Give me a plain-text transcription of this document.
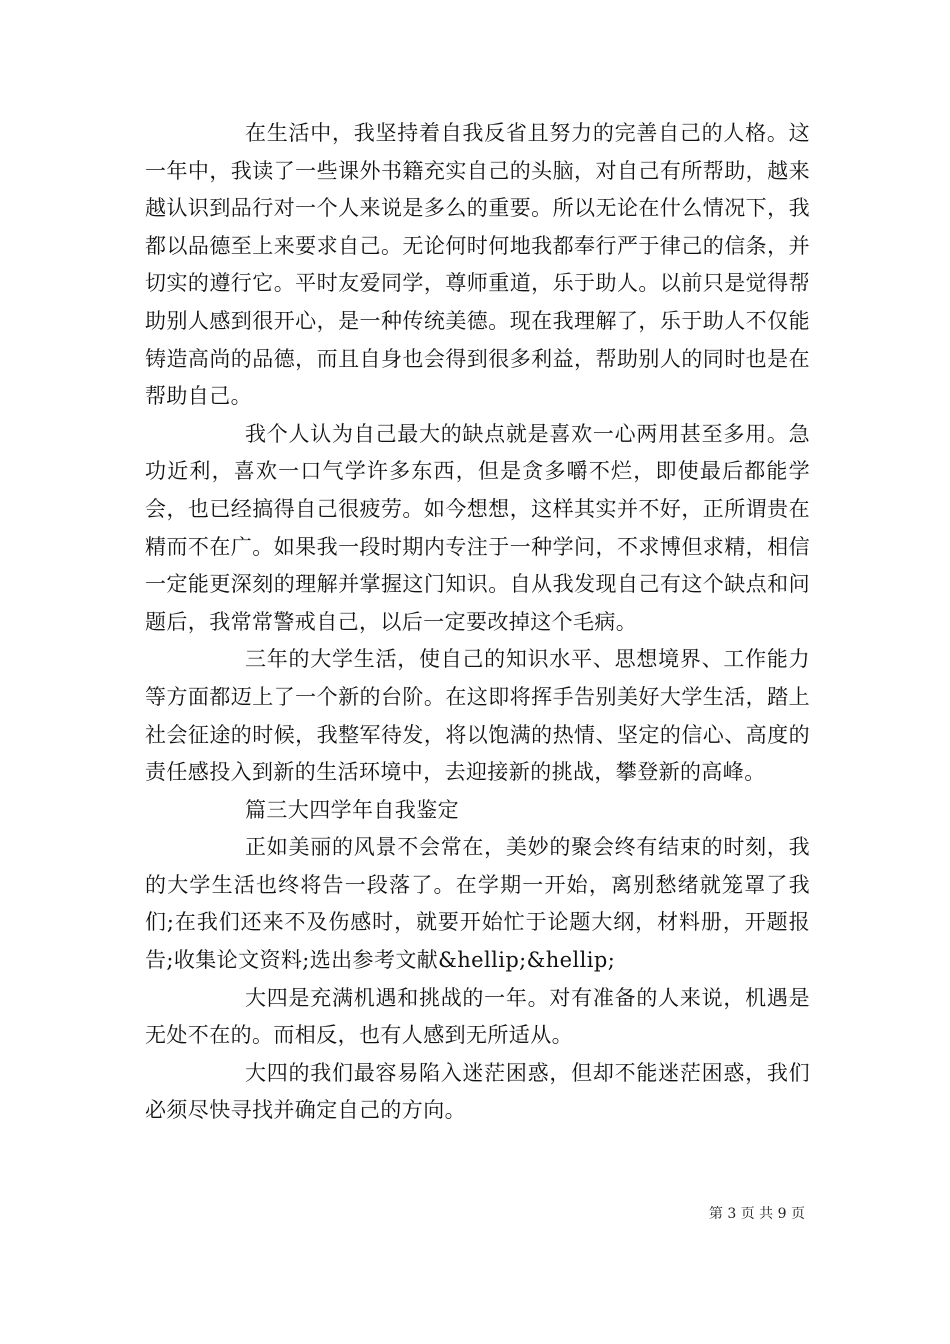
在生活中，我坚持着自我反省且努力的完善自己的人格。这一年中，我读了一些课外书籍充实自己的头脑，对自己有所帮助，越来越认识到品行对一个人来说是多么的重要。所以无论在什么情况下，我都以品德至上来要求自己。无论何时何地我都奉行严于律己的信条，并切实的遵行它。平时友爱同学，尊师重道，乐于助人。以前只是觉得帮助别人感到很开心，是一种传统美德。现在我理解了，乐于助人不仅能铸造高尚的品德，而且自身也会得到很多利益，帮助别人的同时也是在帮助自己。

我个人认为自己最大的缺点就是喜欢一心两用甚至多用。急功近利，喜欢一口气学许多东西，但是贪多嚼不烂，即使最后都能学会，也已经搞得自己很疲劳。如今想想，这样其实并不好，正所谓贵在精而不在广。如果我一段时期内专注于一种学问，不求博但求精，相信一定能更深刻的理解并掌握这门知识。自从我发现自己有这个缺点和问题后，我常常警戒自己，以后一定要改掉这个毛病。

三年的大学生活，使自己的知识水平、思想境界、工作能力等方面都迈上了一个新的台阶。在这即将挥手告别美好大学生活，踏上社会征途的时候，我整军待发，将以饱满的热情、坚定的信心、高度的责任感投入到新的生活环境中，去迎接新的挑战，攀登新的高峰。

篇三大四学年自我鉴定

正如美丽的风景不会常在，美妙的聚会终有结束的时刻，我的大学生活也终将告一段落了。在学期一开始，离别愁绪就笼罩了我们;在我们还来不及伤感时，就要开始忙于论题大纲，材料册，开题报告;收集论文资料;选出参考文献&hellip;&hellip;

大四是充满机遇和挑战的一年。对有准备的人来说，机遇是无处不在的。而相反，也有人感到无所适从。

大四的我们最容易陷入迷茫困惑，但却不能迷茫困惑，我们必须尽快寻找并确定自己的方向。

第 3 页 共 9 页
